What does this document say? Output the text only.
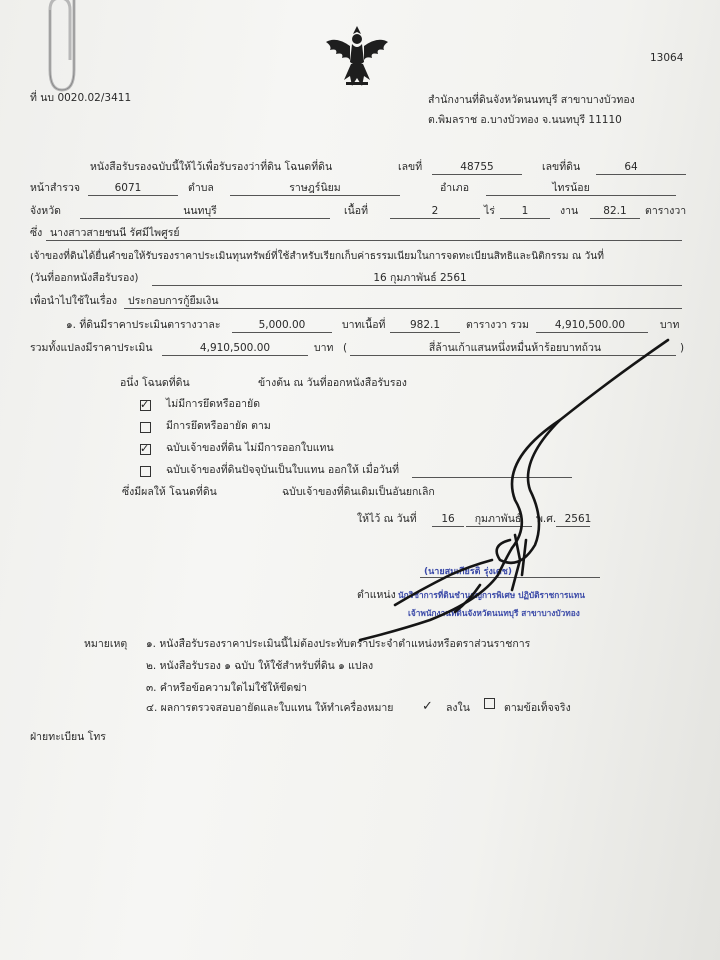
13064
ที่ นบ 0020.02/3411	สำนักงานที่ดินจังหวัดนนทบุรี สาขาบางบัวทอง
ต.พิมลราช อ.บางบัวทอง จ.นนทบุรี 11110
หนังสือรับรองฉบับนี้ให้ไว้เพื่อรับรองว่าที่ดิน โฉนดที่ดิน	เลขที่	48755	เลขที่ดิน	64
หน้าสำรวจ	6071	ตำบล	ราษฎร์นิยม	อำเภอ	ไทรน้อย
จังหวัด	นนทบุรี	เนื้อที่	2	ไร่	1	งาน	82.1	ตารางวา
ซึ่ง นางสาวสายชนนี รัศมีไพศูรย์
เจ้าของที่ดินได้ยื่นคำขอให้รับรองราคาประเมินทุนทรัพย์ที่ใช้สำหรับเรียกเก็บค่าธรรมเนียมในการจดทะเบียนสิทธิและนิติกรรม ณ วันที่
(วันที่ออกหนังสือรับรอง)	16 กุมภาพันธ์ 2561
เพื่อนำไปใช้ในเรื่อง ประกอบการกู้ยืมเงิน
๑. ที่ดินมีราคาประเมินตารางวาละ	5,000.00	บาทเนื้อที่	982.1	ตารางวา รวม	4,910,500.00	บาท
รวมทั้งแปลงมีราคาประเมิน	4,910,500.00	บาท (	สี่ล้านเก้าแสนหนึ่งหมื่นห้าร้อยบาทถ้วน	)
อนึ่ง โฉนดที่ดิน	ข้างต้น ณ วันที่ออกหนังสือรับรอง
✓ ไม่มีการยึดหรืออายัด
มีการยึดหรืออายัด ตาม
✓ ฉบับเจ้าของที่ดิน ไม่มีการออกใบแทน
ฉบับเจ้าของที่ดินปัจจุบันเป็นใบแทน ออกให้ เมื่อวันที่
ซึ่งมีผลให้ โฉนดที่ดิน	ฉบับเจ้าของที่ดินเดิมเป็นอันยกเลิก
ให้ไว้ ณ วันที่	16	กุมภาพันธ์	พ.ศ. 2561
(นายสมเกียรติ รุ่งเดช)
ตำแหน่ง นักวิชาการที่ดินชำนาญการพิเศษ ปฏิบัติราชการแทน
เจ้าพนักงานที่ดินจังหวัดนนทบุรี สาขาบางบัวทอง
หมายเหตุ ๑. หนังสือรับรองราคาประเมินนี้ไม่ต้องประทับตราประจำตำแหน่งหรือตราส่วนราชการ
๒. หนังสือรับรอง ๑ ฉบับ ให้ใช้สำหรับที่ดิน ๑ แปลง
๓. คำหรือข้อความใดไม่ใช้ให้ขีดฆ่า
๔. ผลการตรวจสอบอายัดและใบแทน ให้ทำเครื่องหมาย ✓ ลงใน	ตามข้อเท็จจริง
ฝ่ายทะเบียน โทร
